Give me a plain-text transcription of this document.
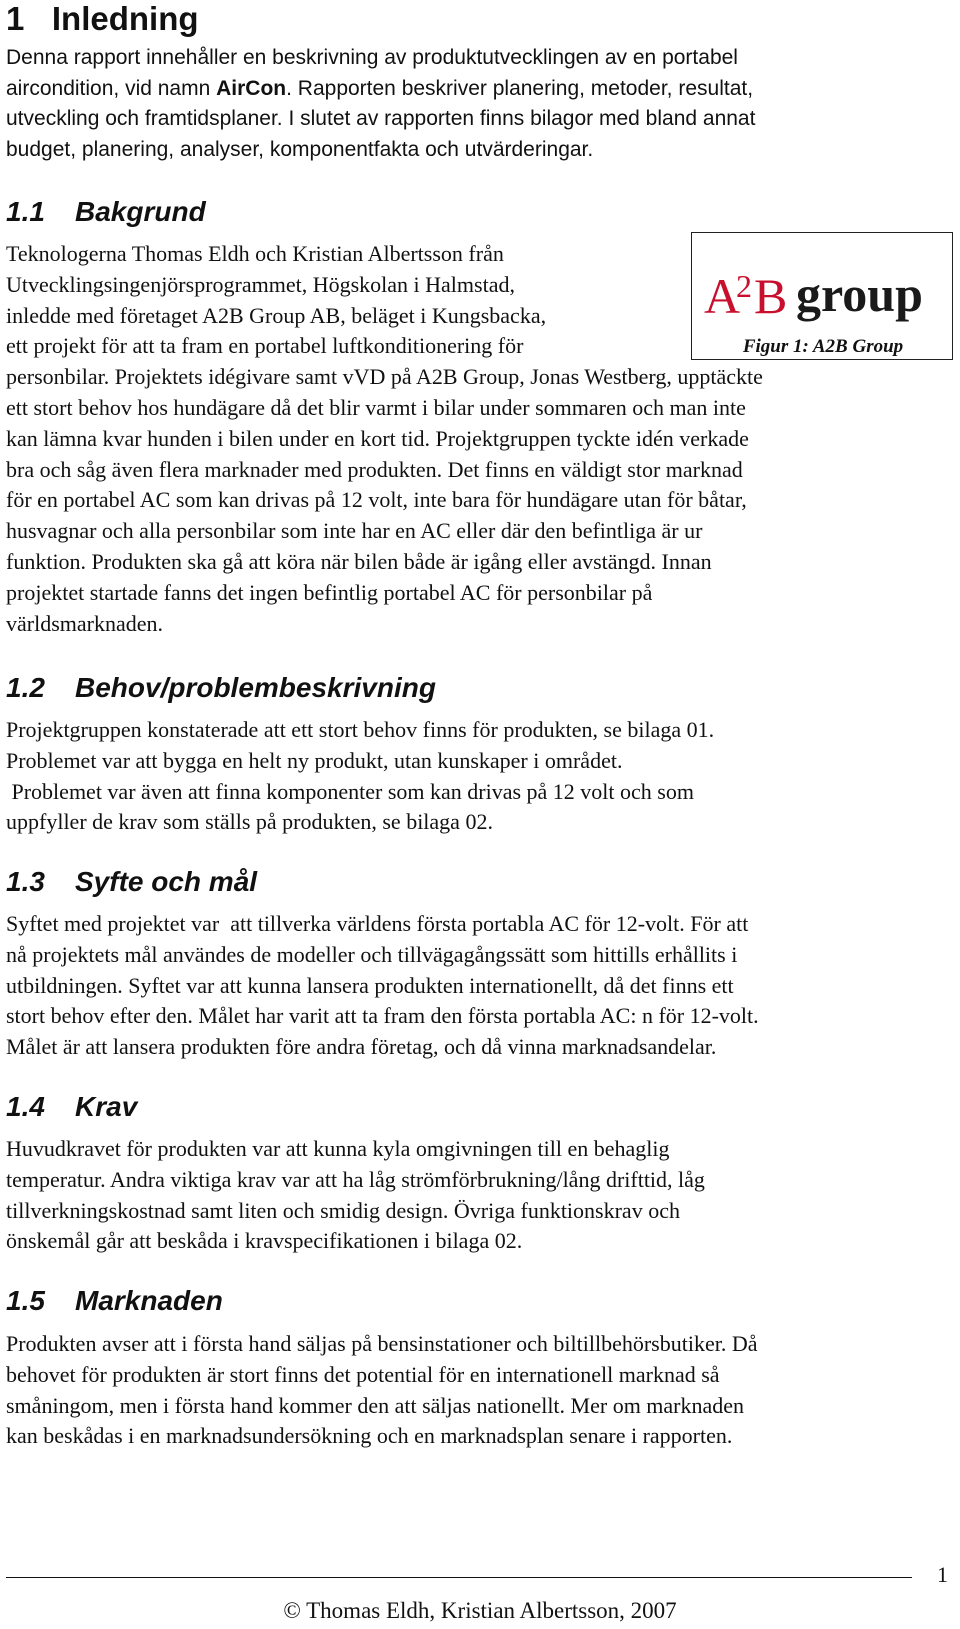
1 Inledning
Denna rapport innehåller en beskrivning av produktutvecklingen av en portabel
aircondition, vid namn AirCon. Rapporten beskriver planering, metoder, resultat,
utveckling och framtidsplaner. I slutet av rapporten finns bilagor med bland annat
budget, planering, analyser, komponentfakta och utvärderingar.
1.1 Bakgrund
Teknologerna Thomas Eldh och Kristian Albertsson från
Utvecklingsingenjörsprogrammet, Högskolan i Halmstad,
inledde med företaget A2B Group AB, beläget i Kungsbacka,
ett projekt för att ta fram en portabel luftkonditionering för
personbilar. Projektets idégivare samt vVD på A2B Group, Jonas Westberg, upptäckte
ett stort behov hos hundägare då det blir varmt i bilar under sommaren och man inte
kan lämna kvar hunden i bilen under en kort tid. Projektgruppen tyckte idén verkade
bra och såg även flera marknader med produkten. Det finns en väldigt stor marknad
för en portabel AC som kan drivas på 12 volt, inte bara för hundägare utan för båtar,
husvagnar och alla personbilar som inte har en AC eller där den befintliga är ur
funktion. Produkten ska gå att köra när bilen både är igång eller avstängd. Innan
projektet startade fanns det ingen befintlig portabel AC för personbilar på
världsmarknaden.
1.2 Behov/problembeskrivning
Projektgruppen konstaterade att ett stort behov finns för produkten, se bilaga 01.
Problemet var att bygga en helt ny produkt, utan kunskaper i området.
Problemet var även att finna komponenter som kan drivas på 12 volt och som
uppfyller de krav som ställs på produkten, se bilaga 02.
1.3 Syfte och mål
Syftet med projektet var  att tillverka världens första portabla AC för 12-volt. För att
nå projektets mål användes de modeller och tillvägagångssätt som hittills erhållits i
utbildningen. Syftet var att kunna lansera produkten internationellt, då det finns ett
stort behov efter den. Målet har varit att ta fram den första portabla AC: n för 12-volt.
Målet är att lansera produkten före andra företag, och då vinna marknadsandelar.
1.4 Krav
Huvudkravet för produkten var att kunna kyla omgivningen till en behaglig
temperatur. Andra viktiga krav var att ha låg strömförbrukning/lång drifttid, låg
tillverkningskostnad samt liten och smidig design. Övriga funktionskrav och
önskemål går att beskåda i kravspecifikationen i bilaga 02.
1.5 Marknaden
Produkten avser att i första hand säljas på bensinstationer och biltillbehörsbutiker. Då
behovet för produkten är stort finns det potential för en internationell marknad så
småningom, men i första hand kommer den att säljas nationellt. Mer om marknaden
kan beskådas i en marknadsundersökning och en marknadsplan senare i rapporten.
A
2 B group
Figur 1: A2B Group
1
© Thomas Eldh, Kristian Albertsson, 2007
